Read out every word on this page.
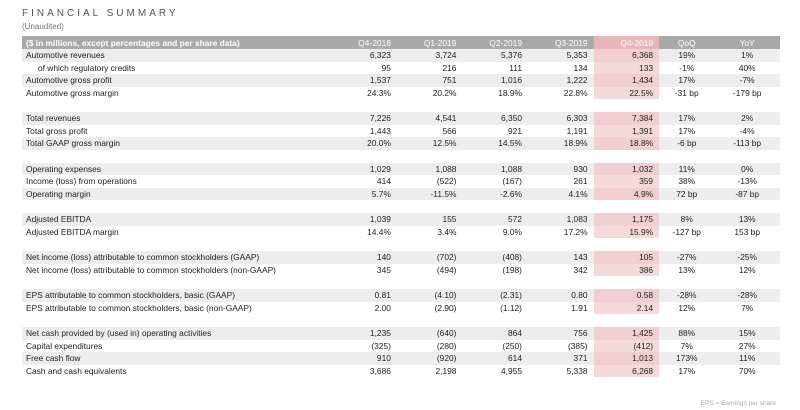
FINANCIAL SUMMARY
(Unaudited)
($ in millions, except percentages and per share data)	Q4-2018	Q1-2019	Q2-2019	Q3-2019	Q4-2019	QoQ	YoY
Automotive revenues	6,323	3,724	5,376	5,353	6,368	19%	1%
of which regulatory credits	95	216	111	134	133	-1%	40%
Automotive gross profit	1,537	751	1,016	1,222	1,434	17%	-7%
Automotive gross margin	24.3%	20.2%	18.9%	22.8%	22.5%	-31 bp	-179 bp

Total revenues	7,226	4,541	6,350	6,303	7,384	17%	2%
Total gross profit	1,443	566	921	1,191	1,391	17%	-4%
Total GAAP gross margin	20.0%	12.5%	14.5%	18.9%	18.8%	-6 bp	-113 bp

Operating expenses	1,029	1,088	1,088	930	1,032	11%	0%
Income (loss) from operations	414	(522)	(167)	261	359	38%	-13%
Operating margin	5.7%	-11.5%	-2.6%	4.1%	4.9%	72 bp	-87 bp

Adjusted EBITDA	1,039	155	572	1,083	1,175	8%	13%
Adjusted EBITDA margin	14.4%	3.4%	9.0%	17.2%	15.9%	-127 bp	153 bp

Net income (loss) attributable to common stockholders (GAAP)	140	(702)	(408)	143	105	-27%	-25%
Net income (loss) attributable to common stockholders (non-GAAP)	345	(494)	(198)	342	386	13%	12%

EPS attributable to common stockholders, basic (GAAP)	0.81	(4.10)	(2.31)	0.80	0.58	-28%	-28%
EPS attributable to common stockholders, basic (non-GAAP)	2.00	(2.90)	(1.12)	1.91	2.14	12%	7%

Net cash provided by (used in) operating activities	1,235	(640)	864	756	1,425	88%	15%
Capital expenditures	(325)	(280)	(250)	(385)	(412)	7%	27%
Free cash flow	910	(920)	614	371	1,013	173%	11%
Cash and cash equivalents	3,686	2,198	4,955	5,338	6,268	17%	70%
EPS = Earnings per share
